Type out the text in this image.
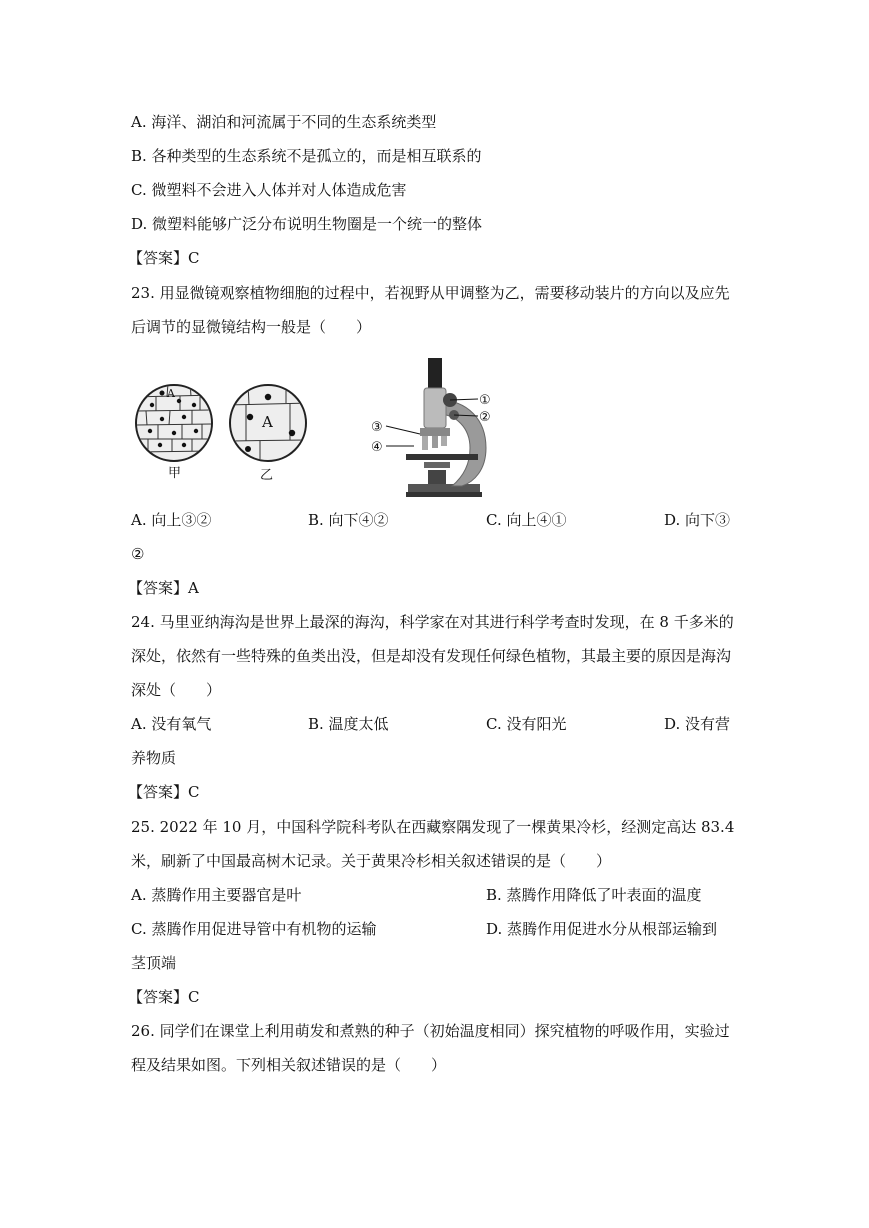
A. 海洋、湖泊和河流属于不同的生态系统类型
B. 各种类型的生态系统不是孤立的，而是相互联系的
C. 微塑料不会进入人体并对人体造成危害
D. 微塑料能够广泛分布说明生物圈是一个统一的整体
【答案】C
23. 用显微镜观察植物细胞的过程中，若视野从甲调整为乙，需要移动装片的方向以及应先
后调节的显微镜结构一般是（　　）
A
甲
A
乙
①
②
③
④
A. 向上③②	B. 向下④②	C. 向上④①	D. 向下③
②
【答案】A
24. 马里亚纳海沟是世界上最深的海沟，科学家在对其进行科学考查时发现，在 8 千多米的
深处，依然有一些特殊的鱼类出没，但是却没有发现任何绿色植物，其最主要的原因是海沟
深处（　　）
A. 没有氧气	B. 温度太低	C. 没有阳光	D. 没有营
养物质
【答案】C
25. 2022 年 10 月，中国科学院科考队在西藏察隅发现了一棵黄果冷杉，经测定高达 83.4
米，刷新了中国最高树木记录。关于黄果冷杉相关叙述错误的是（　　）
A. 蒸腾作用主要器官是叶	B. 蒸腾作用降低了叶表面的温度
C. 蒸腾作用促进导管中有机物的运输	D. 蒸腾作用促进水分从根部运输到
茎顶端
【答案】C
26. 同学们在课堂上利用萌发和煮熟的种子（初始温度相同）探究植物的呼吸作用，实验过
程及结果如图。下列相关叙述错误的是（　　）
